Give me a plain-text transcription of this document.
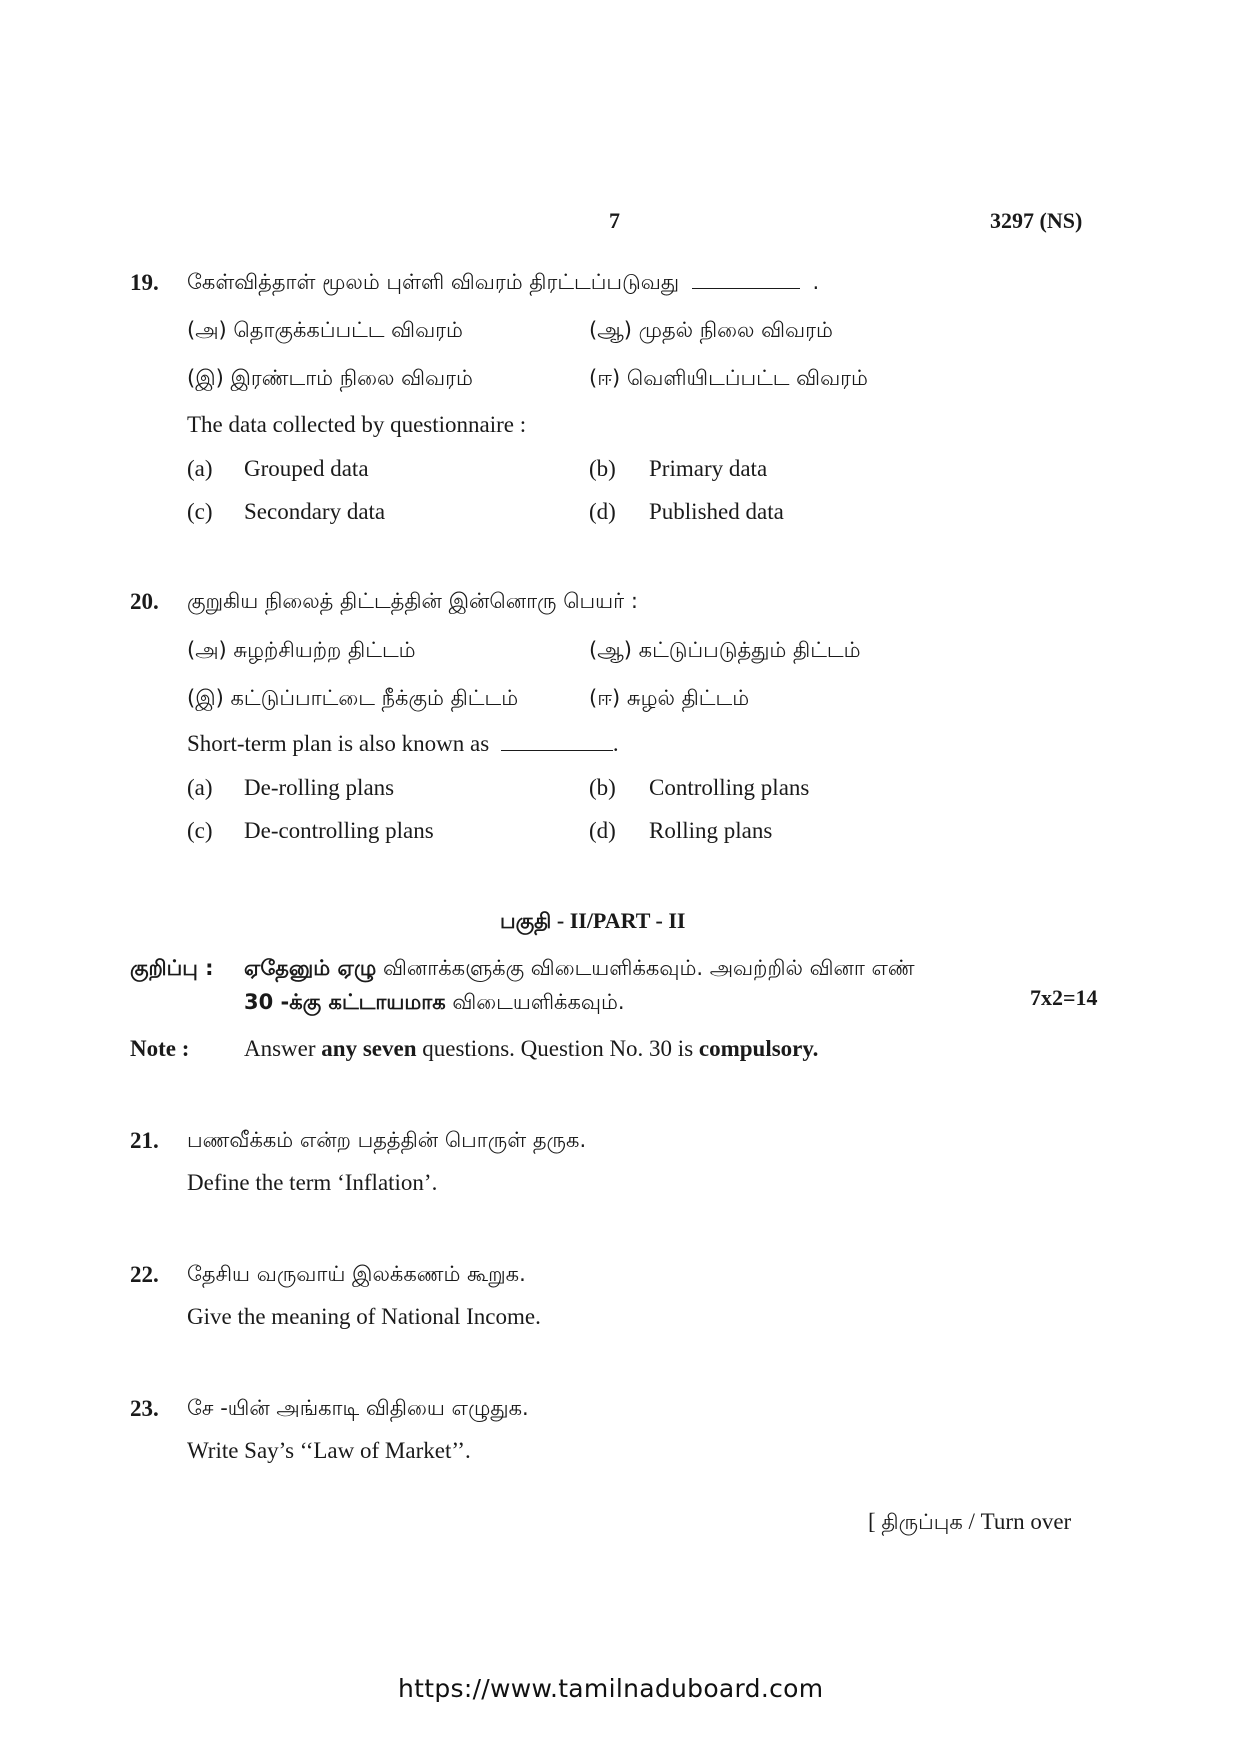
7	3297 (NS)
19. கேள்வித்தாள் மூலம் புள்ளி விவரம் திரட்டப்படுவது	.
(அ) தொகுக்கப்பட்ட விவரம்	(ஆ) முதல் நிலை விவரம்
(இ) இரண்டாம் நிலை விவரம்	(ஈ) வெளியிடப்பட்ட விவரம்
The data collected by questionnaire :
(a) Grouped data	(b) Primary data
(c) Secondary data	(d) Published data
20. குறுகிய நிலைத் திட்டத்தின் இன்னொரு பெயர் :
(அ) சுழற்சியற்ற திட்டம்	(ஆ) கட்டுப்படுத்தும் திட்டம்
(இ) கட்டுப்பாட்டை நீக்கும் திட்டம்	(ஈ) சுழல் திட்டம்
Short-term plan is also known as	.
(a) De-rolling plans	(b) Controlling plans
(c) De-controlling plans	(d) Rolling plans
பகுதி - II/PART - II
குறிப்பு : ஏதேனும் ஏழு வினாக்களுக்கு விடையளிக்கவும். அவற்றில் வினா எண்
30 -க்கு கட்டாயமாக விடையளிக்கவும்.	7x2=14
Note : Answer any seven questions. Question No. 30 is compulsory.
21. பணவீக்கம் என்ற பதத்தின் பொருள் தருக.
Define the term ‘Inflation’.
22. தேசிய வருவாய் இலக்கணம் கூறுக.
Give the meaning of National Income.
23. சே -யின் அங்காடி விதியை எழுதுக.
Write Say’s ‘‘Law of Market’’.
[ திருப்புக / Turn over
https://www.tamilnaduboard.com
